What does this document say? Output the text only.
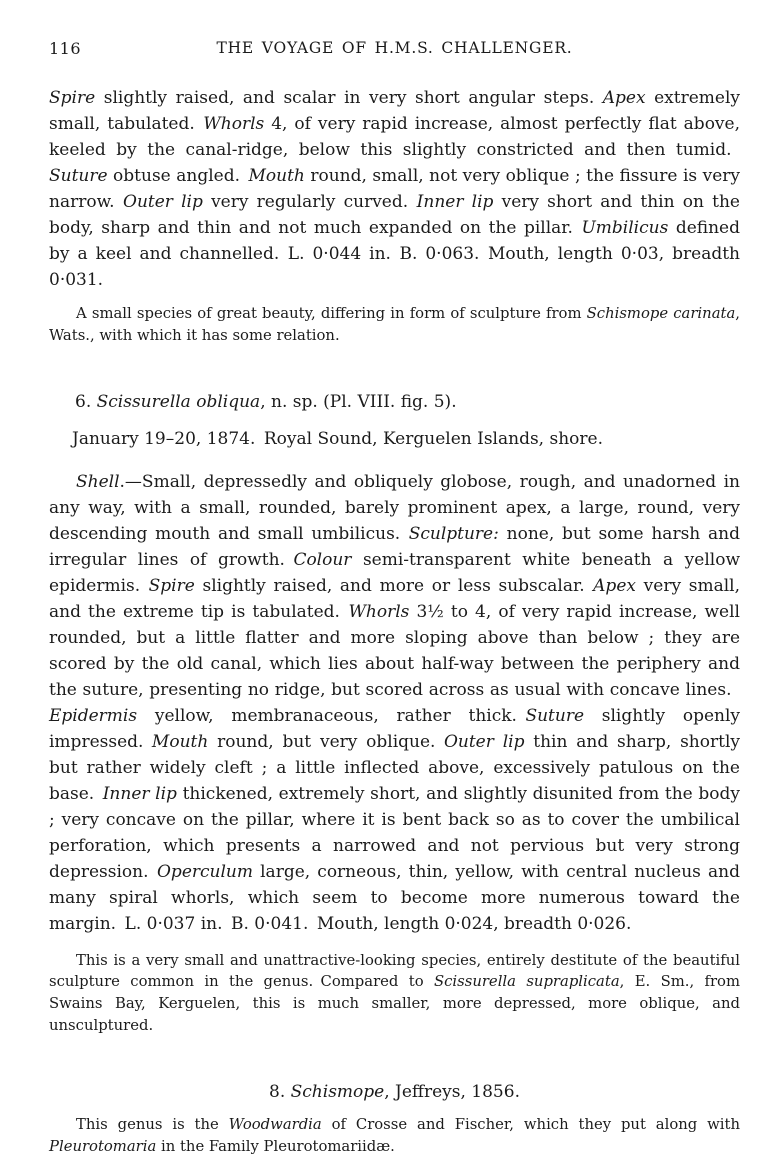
116	THE VOYAGE OF H.M.S. CHALLENGER.

Spire slightly raised, and scalar in very short angular steps. Apex extremely small, tabulated. Whorls 4, of very rapid increase, almost perfectly flat above, keeled by the canal-ridge, below this slightly constricted and then tumid. Suture obtuse angled. Mouth round, small, not very oblique ; the fissure is very narrow. Outer lip very regularly curved. Inner lip very short and thin on the body, sharp and thin and not much expanded on the pillar. Umbilicus defined by a keel and channelled. L. 0·044 in. B. 0·063. Mouth, length 0·03, breadth 0·031.

A small species of great beauty, differing in form of sculpture from Schismope carinata, Wats., with which it has some relation.

6. Scissurella obliqua, n. sp. (Pl. VIII. fig. 5).

January 19–20, 1874. Royal Sound, Kerguelen Islands, shore.

Shell.—Small, depressedly and obliquely globose, rough, and unadorned in any way, with a small, rounded, barely prominent apex, a large, round, very descending mouth and small umbilicus. Sculpture: none, but some harsh and irregular lines of growth. Colour semi-transparent white beneath a yellow epidermis. Spire slightly raised, and more or less subscalar. Apex very small, and the extreme tip is tabulated. Whorls 3½ to 4, of very rapid increase, well rounded, but a little flatter and more sloping above than below ; they are scored by the old canal, which lies about half-way between the periphery and the suture, presenting no ridge, but scored across as usual with concave lines. Epidermis yellow, membranaceous, rather thick. Suture slightly openly impressed. Mouth round, but very oblique. Outer lip thin and sharp, shortly but rather widely cleft ; a little inflected above, excessively patulous on the base. Inner lip thickened, extremely short, and slightly disunited from the body ; very concave on the pillar, where it is bent back so as to cover the umbilical perforation, which presents a narrowed and not pervious but very strong depression. Operculum large, corneous, thin, yellow, with central nucleus and many spiral whorls, which seem to become more numerous toward the margin. L. 0·037 in. B. 0·041. Mouth, length 0·024, breadth 0·026.

This is a very small and unattractive-looking species, entirely destitute of the beautiful sculpture common in the genus. Compared to Scissurella supraplicata, E. Sm., from Swains Bay, Kerguelen, this is much smaller, more depressed, more oblique, and unsculptured.

8. Schismope, Jeffreys, 1856.

This genus is the Woodwardia of Crosse and Fischer, which they put along with Pleurotomaria in the Family Pleurotomariidæ.
